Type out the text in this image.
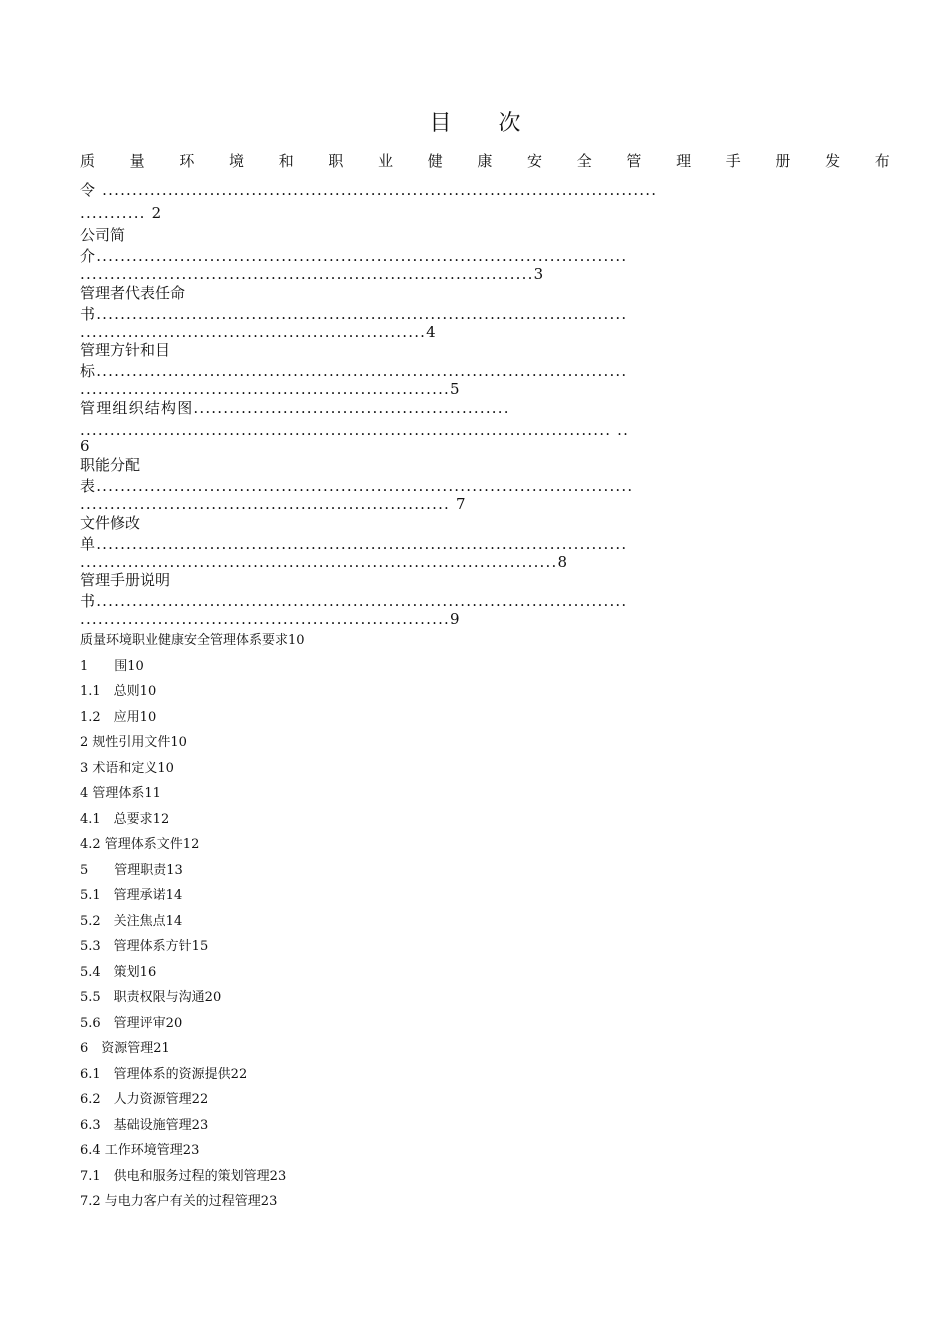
目 次
质 量 环 境 和 职 业 健 康 安 全 管 理 手 册 发 布
令 .............................................................................................
........... 2
公司简
介.........................................................................................
............................................................................3
管理者代表任命
书.........................................................................................
..........................................................4
管理方针和目
标.........................................................................................
..............................................................5
管理组织结构图.....................................................
......................................................................................... ..
6
职能分配
表..........................................................................................
.............................................................. 7
文件修改
单.........................................................................................
................................................................................8
管理手册说明
书.........................................................................................
..............................................................9
质量环境职业健康安全管理体系要求10
1　　围10
1.1　总则10
1.2　应用10
2 规性引用文件10
3 术语和定义10
4 管理体系11
4.1　总要求12
4.2 管理体系文件12
5　　管理职责13
5.1　管理承诺14
5.2　关注焦点14
5.3　管理体系方针15
5.4　策划16
5.5　职责权限与沟通20
5.6　管理评审20
6　资源管理21
6.1　管理体系的资源提供22
6.2　人力资源管理22
6.3　基础设施管理23
6.4 工作环境管理23
7.1　供电和服务过程的策划管理23
7.2 与电力客户有关的过程管理23
